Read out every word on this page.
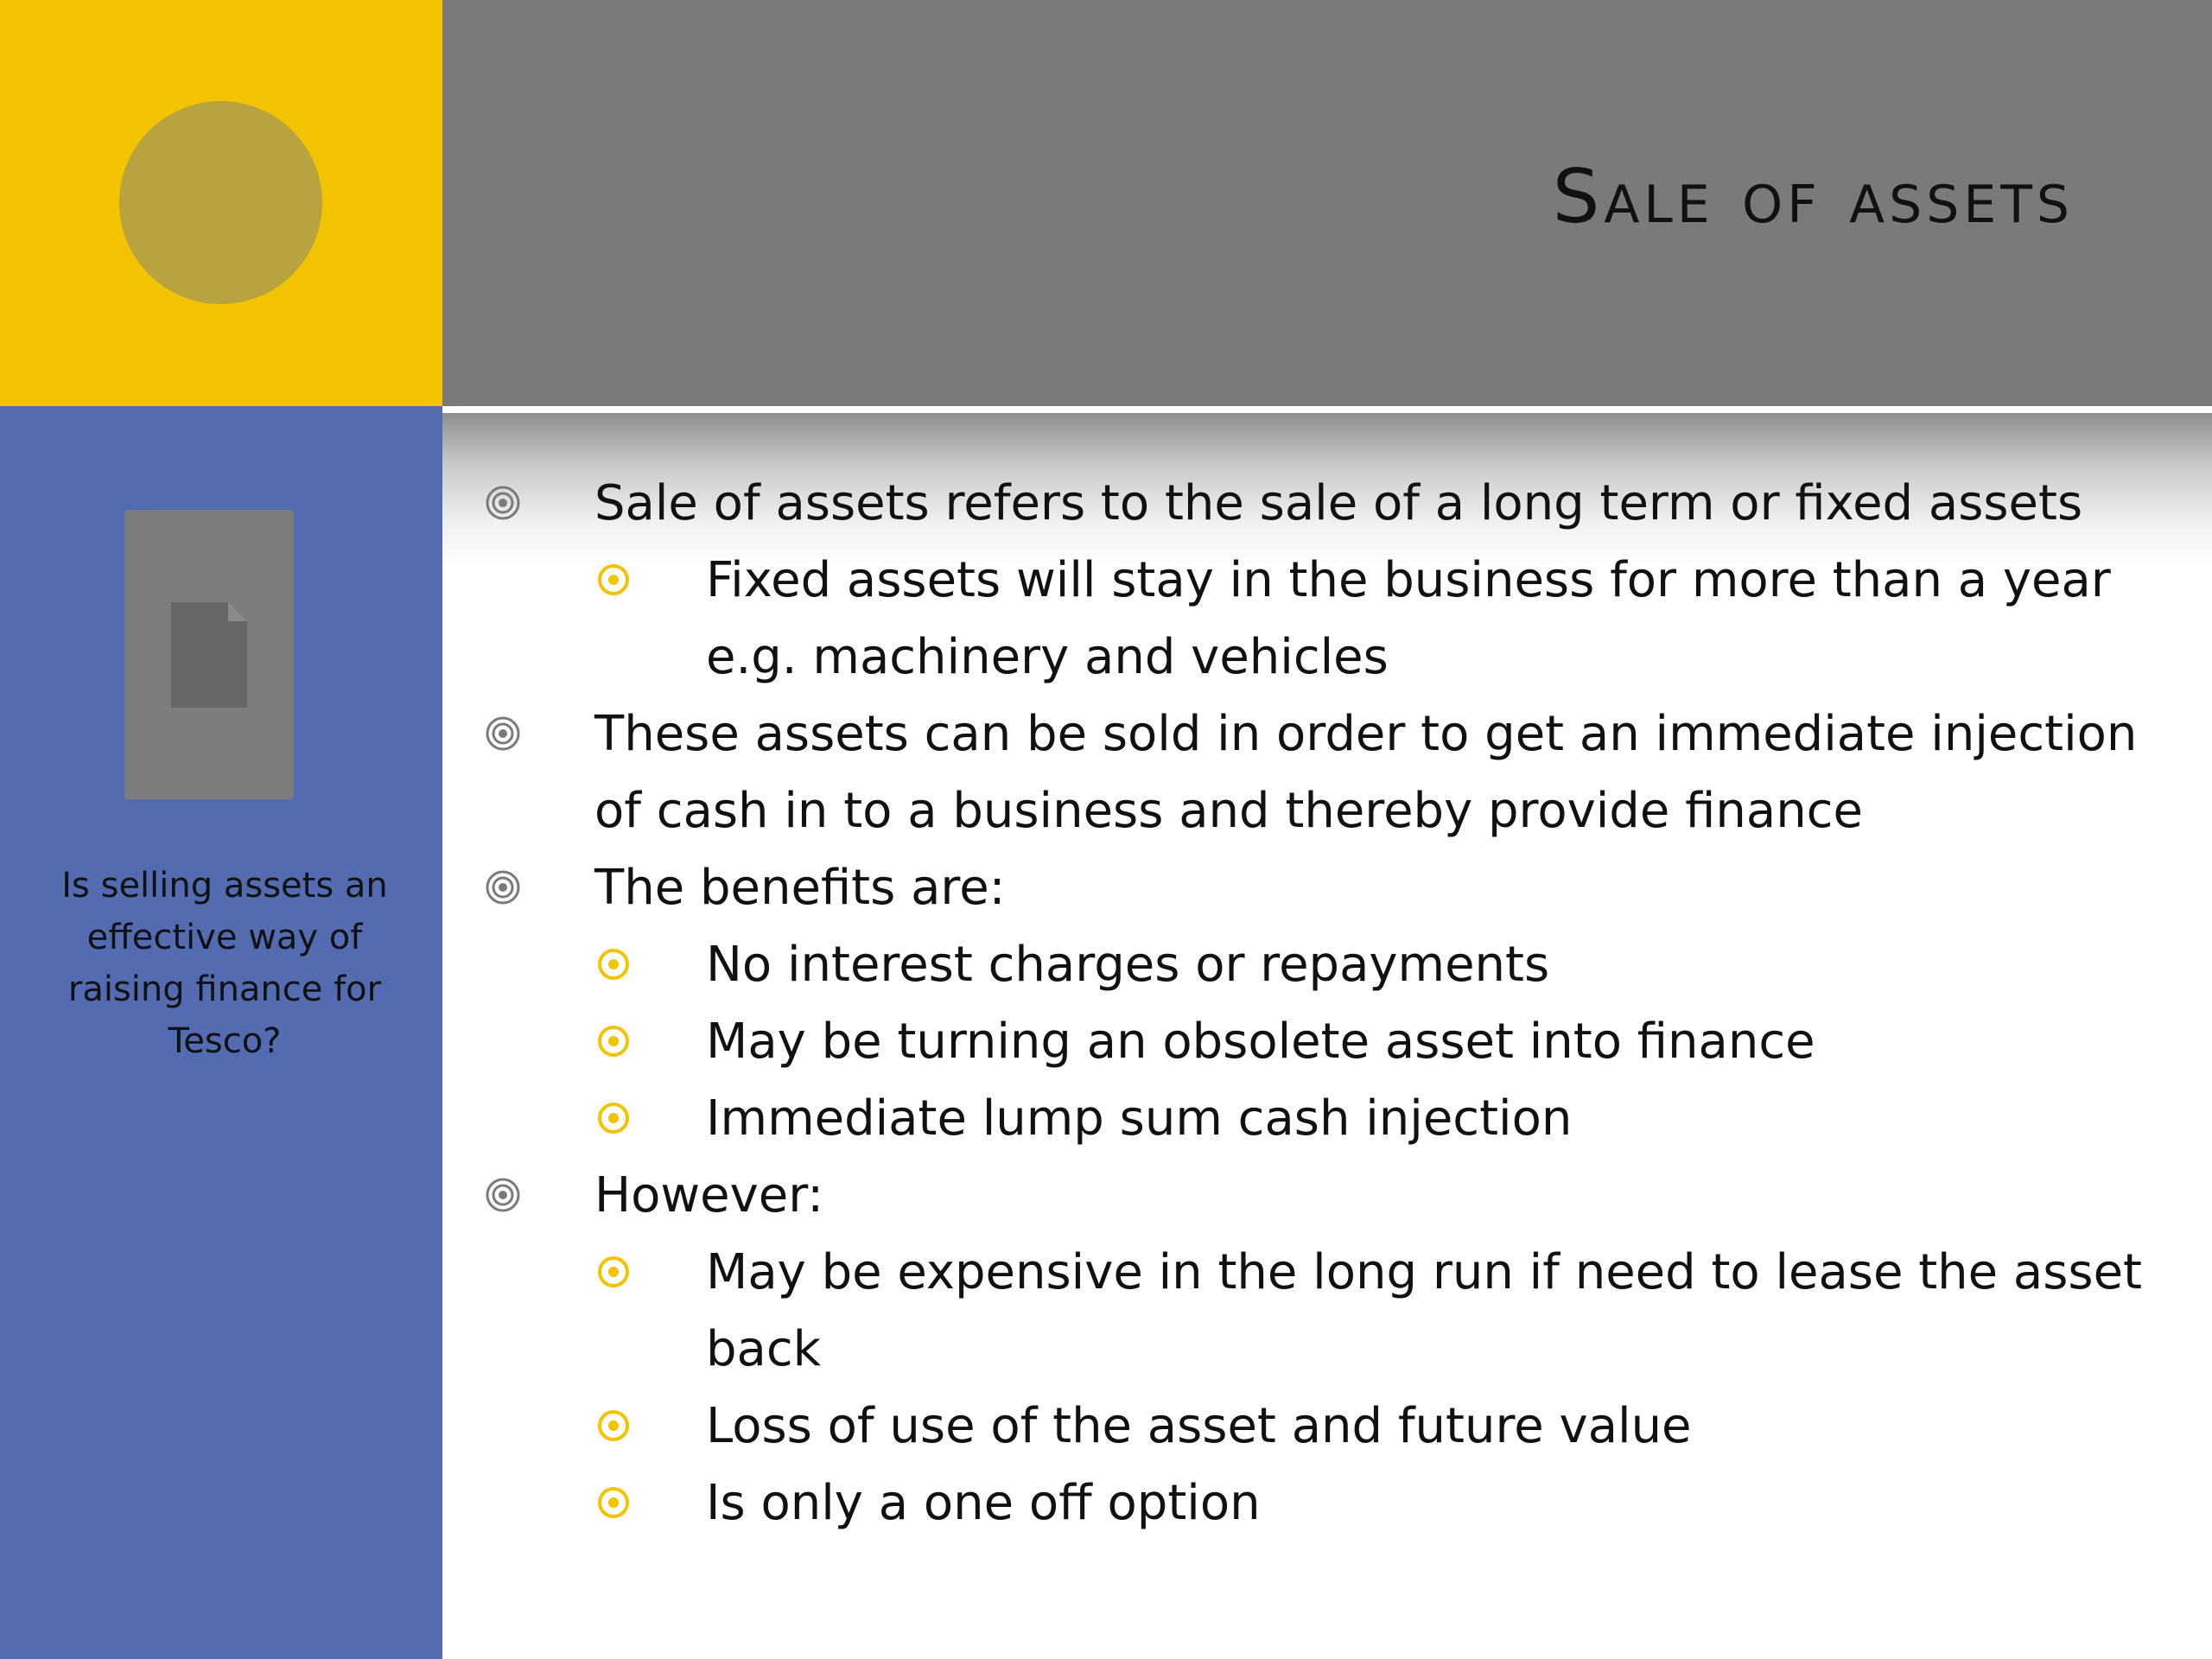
Sale of assets
Is selling assets an effective way of raising finance for Tesco?
Sale of assets refers to the sale of a long term or fixed assets
Fixed assets will stay in the business for more than a year e.g. machinery and vehicles
These assets can be sold in order to get an immediate injection of cash in to a business and thereby provide finance
The benefits are:
No interest charges or repayments
May be turning an obsolete asset into finance
Immediate lump sum cash injection
However:
May be expensive in the long run if need to lease the asset back
Loss of use of the asset and future value
Is only a one off option
